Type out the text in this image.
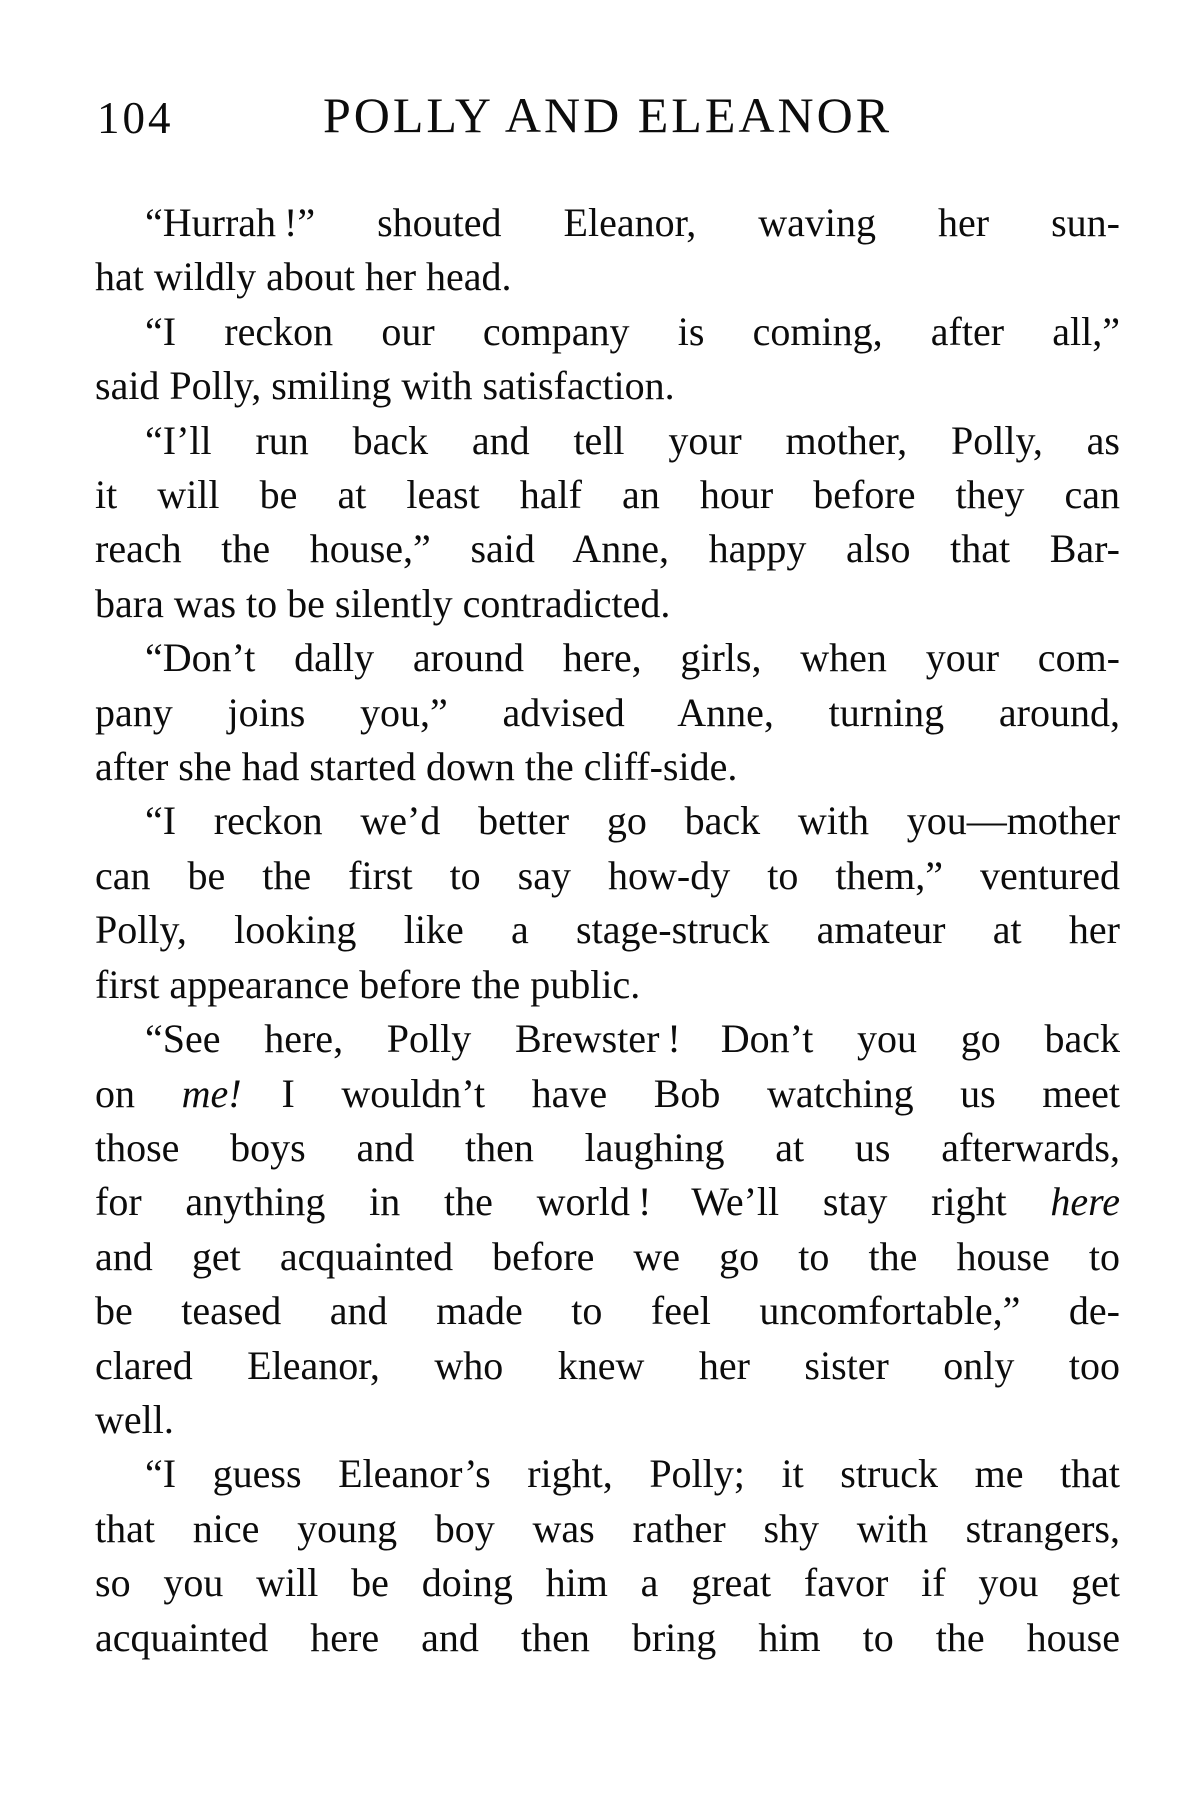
104	POLLY AND ELEANOR
“Hurrah !” shouted Eleanor, waving her sun-
hat wildly about her head.
“I reckon our company is coming, after all,”
said Polly, smiling with satisfaction.
“I’ll run back and tell your mother, Polly, as
it will be at least half an hour before they can
reach the house,” said Anne, happy also that Bar-
bara was to be silently contradicted.
“Don’t dally around here, girls, when your com-
pany joins you,” advised Anne, turning around,
after she had started down the cliff-side.
“I reckon we’d better go back with you—mother
can be the first to say how-dy to them,” ventured
Polly, looking like a stage-struck amateur at her
first appearance before the public.
“See here, Polly Brewster ! Don’t you go back
on me! I wouldn’t have Bob watching us meet
those boys and then laughing at us afterwards,
for anything in the world ! We’ll stay right here
and get acquainted before we go to the house to
be teased and made to feel uncomfortable,” de-
clared Eleanor, who knew her sister only too
well.
“I guess Eleanor’s right, Polly; it struck me that
that nice young boy was rather shy with strangers,
so you will be doing him a great favor if you get
acquainted here and then bring him to the house
